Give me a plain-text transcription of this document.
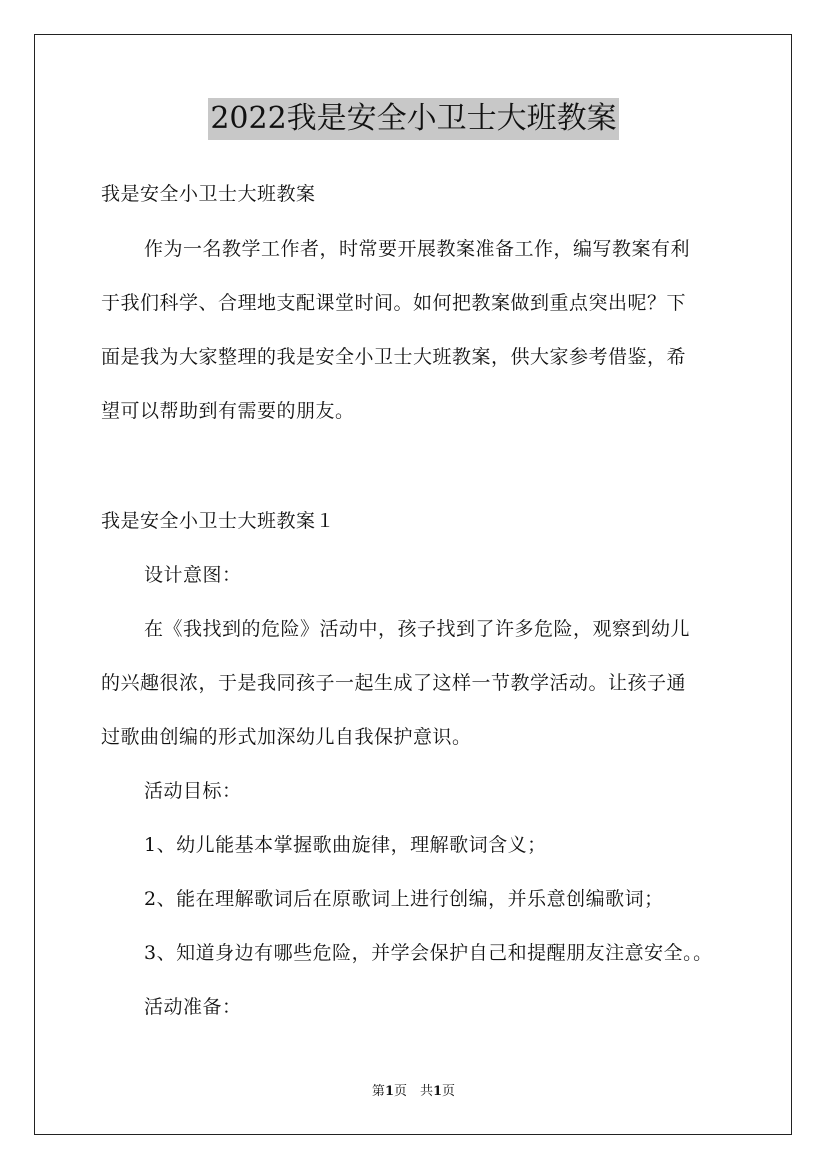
2022我是安全小卫士大班教案
我是安全小卫士大班教案
作为一名教学工作者，时常要开展教案准备工作，编写教案有利
于我们科学、合理地支配课堂时间。如何把教案做到重点突出呢？下
面是我为大家整理的我是安全小卫士大班教案，供大家参考借鉴，希
望可以帮助到有需要的朋友。
我是安全小卫士大班教案１
设计意图：
在《我找到的危险》活动中，孩子找到了许多危险，观察到幼儿
的兴趣很浓，于是我同孩子一起生成了这样一节教学活动。让孩子通
过歌曲创编的形式加深幼儿自我保护意识。
活动目标：
1、幼儿能基本掌握歌曲旋律，理解歌词含义；
2、能在理解歌词后在原歌词上进行创编，并乐意创编歌词；
3、知道身边有哪些危险，并学会保护自己和提醒朋友注意安全。。
活动准备：
第1页　共1页
